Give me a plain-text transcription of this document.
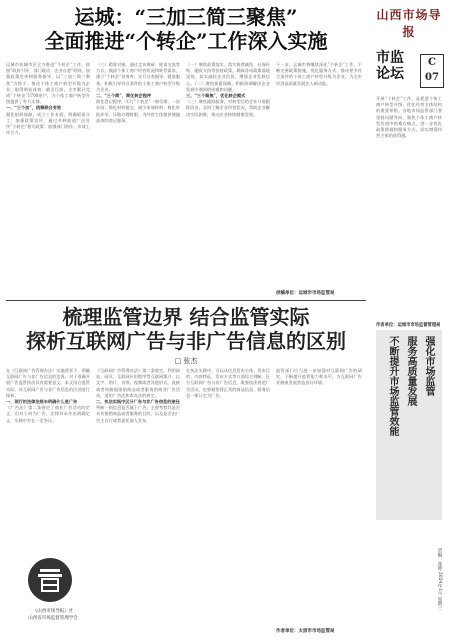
运城：“三加三简三聚焦”
全面推进“个转企”工作深入实施
运城市晋城市区全力推进“个转企”工作，按照“政府引导、部门联动、企业自愿”原则，加强政策宣传和服务指导，以“三加三简三聚焦”为抓手，推动个体工商户转型升级为企业，取得明显成效。截至目前，全市累计完成“个转企”1700余户，为个体工商户转型升级提供了有力支撑。
一、“三个加”，统筹联合有效
强化组织保障，成立工作专班，明确职责分工；加强政策宣传，通过多种渠道广泛宣传“个转企”相关政策；加强部门协作，形成工作合力。
（三）精准对接。通过走访调研、座谈交流等方式，摸清个体工商户经营状况和转型需求，建立“个转企”培育库，实行分类指导、精准服务，积极引导符合条件的个体工商户转型升级为企业。
二、“三个简”，简化转企程序
简化登记程序，实行“个转企”一窗受理、一次办结；简化材料提交，减少申请材料；简化审批环节，压缩办理时限，为经营主体提供便捷高效的登记服务。
（一）聚焦政策落实。落实税费减免、社保补贴、融资支持等扶持政策，确保各项政策落地见效，切实减轻企业负担，增强企业发展信心。（二）聚焦要素保障。积极协调解决企业发展中遇到的困难和问题。
三、“三个聚焦”，优化转企模式
（三）聚焦跟踪服务。对转型后的企业开展跟踪回访，及时了解企业经营状况，帮助企业解决实际困难，推动企业持续健康发展。
下一步，运城市将继续深化“个转企”工作，不断完善政策措施，优化服务方式，推动更多符合条件的个体工商户转型升级为企业，为全市经济高质量发展注入新动能。
供稿单位：运城市市场监管局
梳理监管边界 结合监管实际
探析互联网广告与非广告信息的区别
□ 张杰
在《互联网广告管理办法》实施背景下，明确互联网广告与非广告信息的边界，对于准确开展广告监管执法具有重要意义。本文结合监管实际，对互联网广告与非广告信息的区别进行探析。
一、现行的法律法规未明确什么是广告
《广告法》第二条规定了商业广告活动的定义，但对于何为广告，法律并未作出明确定义，实践中存在一定争议。
《互联网广告管理办法》第二条规定，利用网站、网页、互联网应用程序等互联网媒介，以文字、图片、音频、视频或者其他形式，直接或者间接地推销商品或者服务的商业广告活动，适用广告法和本办法的规定。
二、执法实践中区分广告与非广告信息的途径
判断一则信息是否属于广告，主要考察其是否具有推销商品或者服务的目的，以及是否由广告主自行或者委托他人发布。
在执法实践中，可以从信息发布主体、发布目的、内容特征、发布方式等方面综合判断，区分互联网广告与非广告信息，既要依法规范广告活动，也要避免将正常的商品信息、服务信息一律认定为广告。
监管部门应当进一步加强对互联网广告的研究，不断提升监管能力和水平，为互联网广告业健康发展营造良好环境。
作者单位：太原市市场监管局
《山西市场导报》社
山西省市场监督管理学会
山西市场导报
市监论坛
C
07
开展“个转企”工作，是促进个体工商户转型升级、优化经营主体结构的重要举措。各地市场监管部门要坚持问题导向，聚焦个体工商户转型发展中的难点痛点，进一步优化政策措施和服务方式，切实增强经营主体的获得感。
作者单位：运城市市场监督管理局
强化市场监管
服务高质量发展
不断提升市场监管效能
责编：张婷 2024年1月 星期三
